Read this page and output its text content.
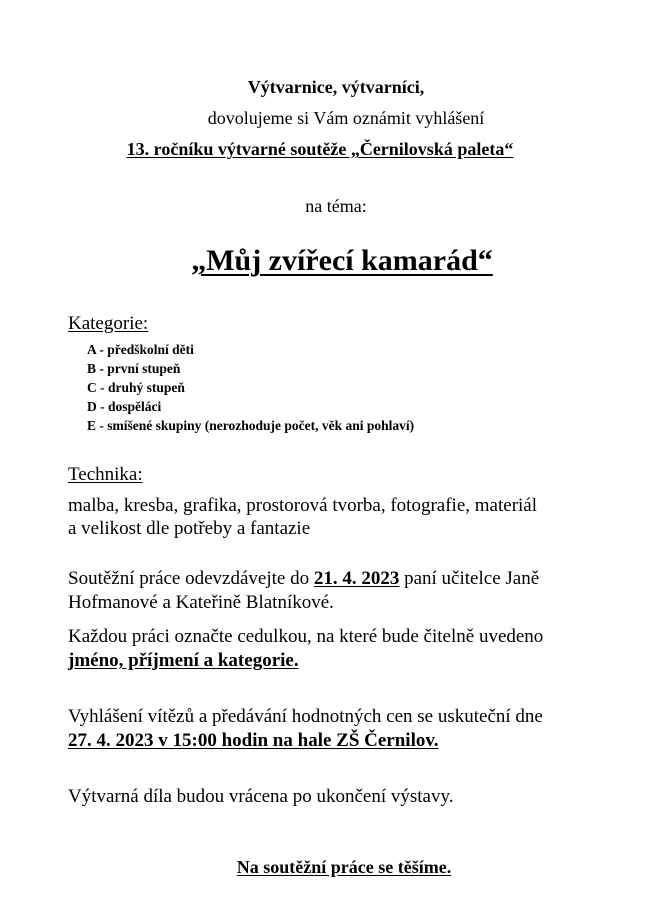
Výtvarnice, výtvarníci,
dovolujeme si Vám oznámit vyhlášení
13. ročníku výtvarné soutěže „Černilovská paleta“
na téma:
„Můj zvířecí kamarád“
Kategorie:
A - předškolní děti
B - první stupeň
C - druhý stupeň
D - dospěláci
E - smíšené skupiny (nerozhoduje počet, věk ani pohlaví)
Technika:
malba, kresba, grafika, prostorová tvorba, fotografie, materiál
a velikost dle potřeby a fantazie
Soutěžní práce odevzdávejte do 21. 4. 2023 paní učitelce Janě
Hofmanové a Kateřině Blatníkové.
Každou práci označte cedulkou, na které bude čitelně uvedeno
jméno, příjmení a kategorie.
Vyhlášení vítězů a předávání hodnotných cen se uskuteční dne
27. 4. 2023 v 15:00 hodin na hale ZŠ Černilov.
Výtvarná díla budou vrácena po ukončení výstavy.
Na soutěžní práce se těšíme.
